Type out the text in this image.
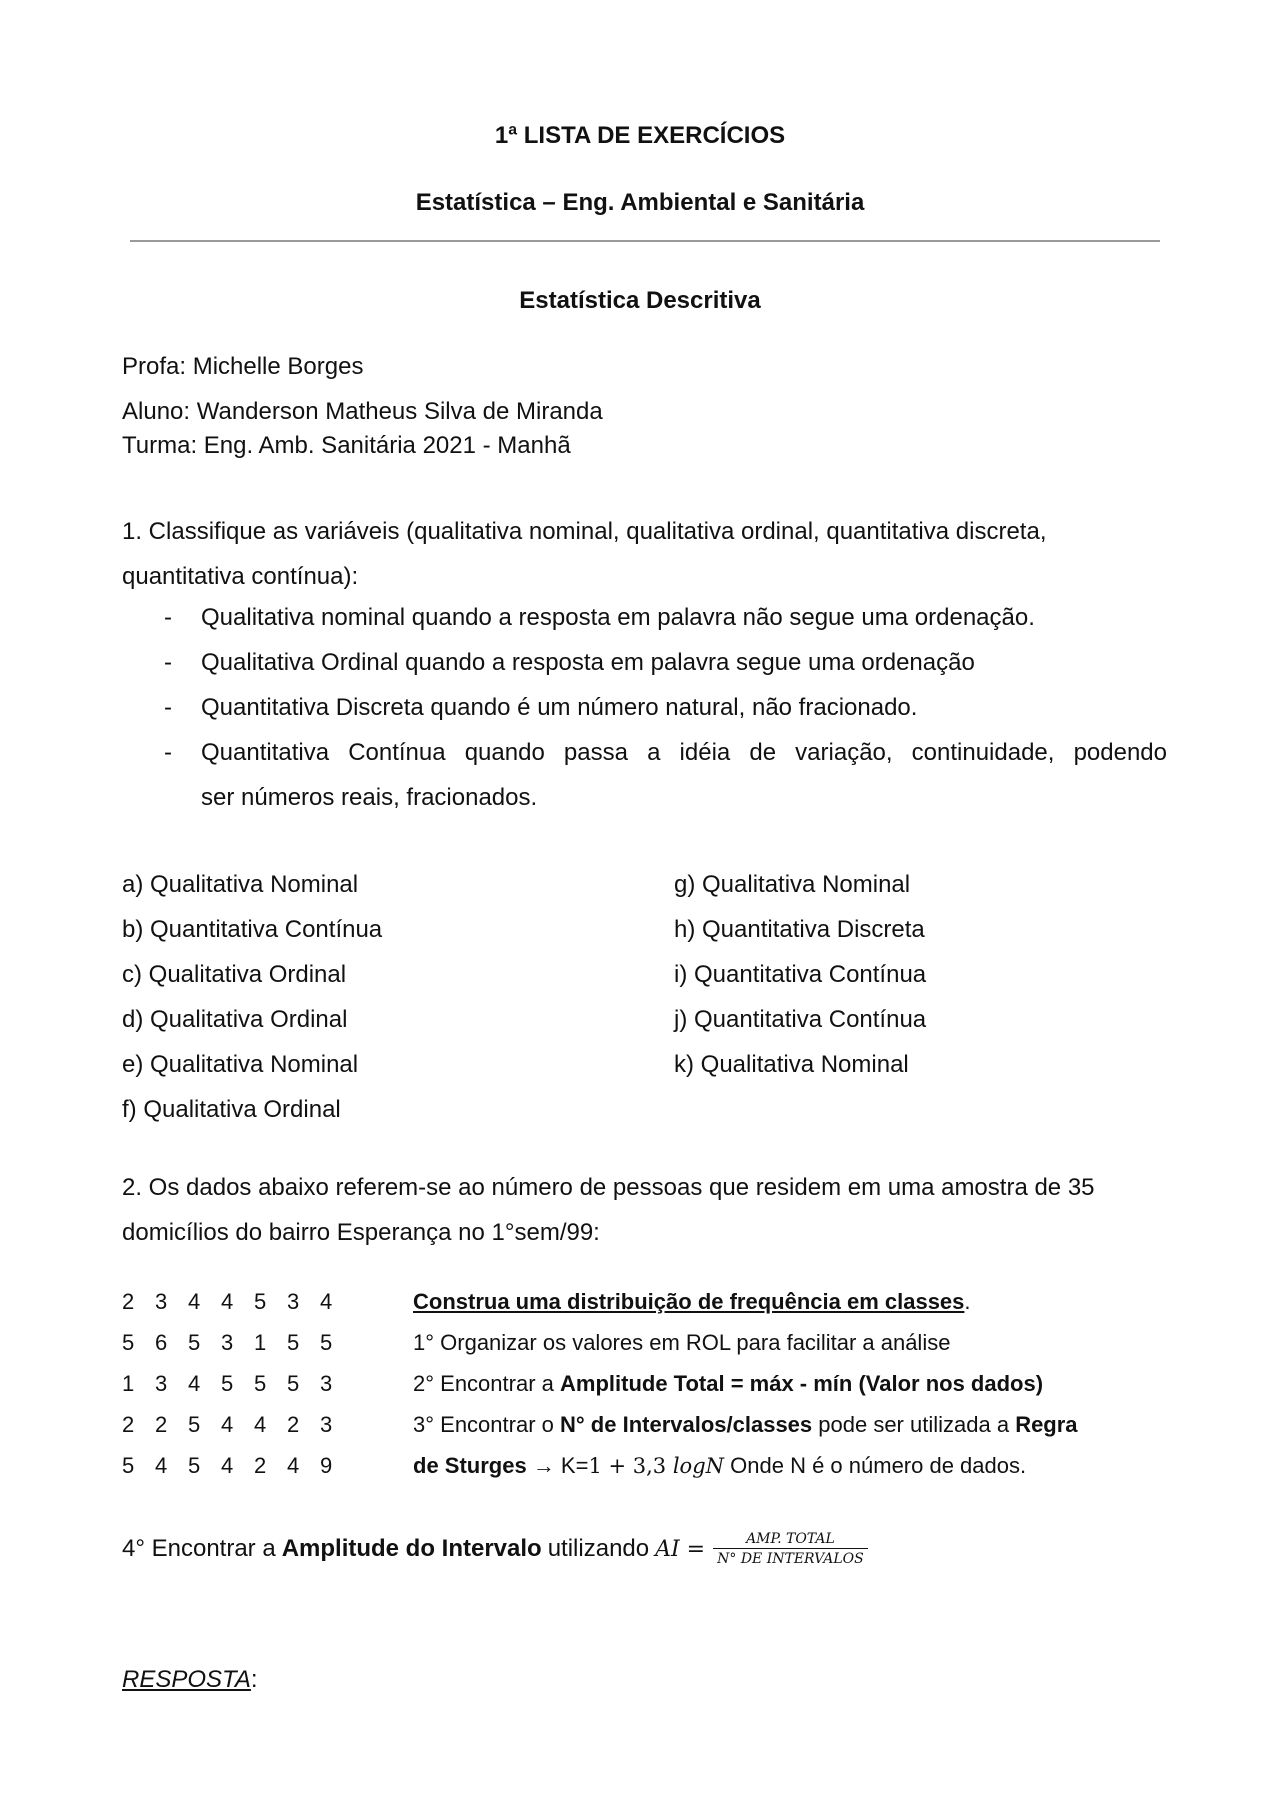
1ª LISTA DE EXERCÍCIOS
Estatística – Eng. Ambiental e Sanitária
Estatística Descritiva
Profa: Michelle Borges
Aluno: Wanderson Matheus Silva de Miranda
Turma: Eng. Amb. Sanitária 2021 - Manhã
1. Classifique as variáveis (qualitativa nominal, qualitativa ordinal, quantitativa discreta, quantitativa contínua):
- Qualitativa nominal quando a resposta em palavra não segue uma ordenação.
- Qualitativa Ordinal quando a resposta em palavra segue uma ordenação
- Quantitativa Discreta quando é um número natural, não fracionado.
- Quantitativa Contínua quando passa a idéia de variação, continuidade, podendo
ser números reais, fracionados.
a) Qualitativa Nominal
b) Quantitativa Contínua
c) Qualitativa Ordinal
d) Qualitativa Ordinal
e) Qualitativa Nominal
f) Qualitativa Ordinal
g) Qualitativa Nominal
h) Quantitativa Discreta
i) Quantitativa Contínua
j) Quantitativa Contínua
k) Qualitativa Nominal
2. Os dados abaixo referem-se ao número de pessoas que residem em uma amostra de 35 domicílios do bairro Esperança no 1°sem/99:
2 3 4 4 5 3 4
5 6 5 3 1 5 5
1 3 4 5 5 5 3
2 2 5 4 4 2 3
5 4 5 4 2 4 9
Construa uma distribuição de frequência em classes.
1° Organizar os valores em ROL para facilitar a análise
2° Encontrar a Amplitude Total = máx - mín (Valor nos dados)
3° Encontrar o N° de Intervalos/classes pode ser utilizada a Regra
de Sturges → K=1 + 3,3 logN Onde N é o número de dados.
4° Encontrar a Amplitude do Intervalo utilizando AI = $\frac{\text{AMP. TOTAL}}{\text{N° DE INTERVALOS}}$
RESPOSTA:
